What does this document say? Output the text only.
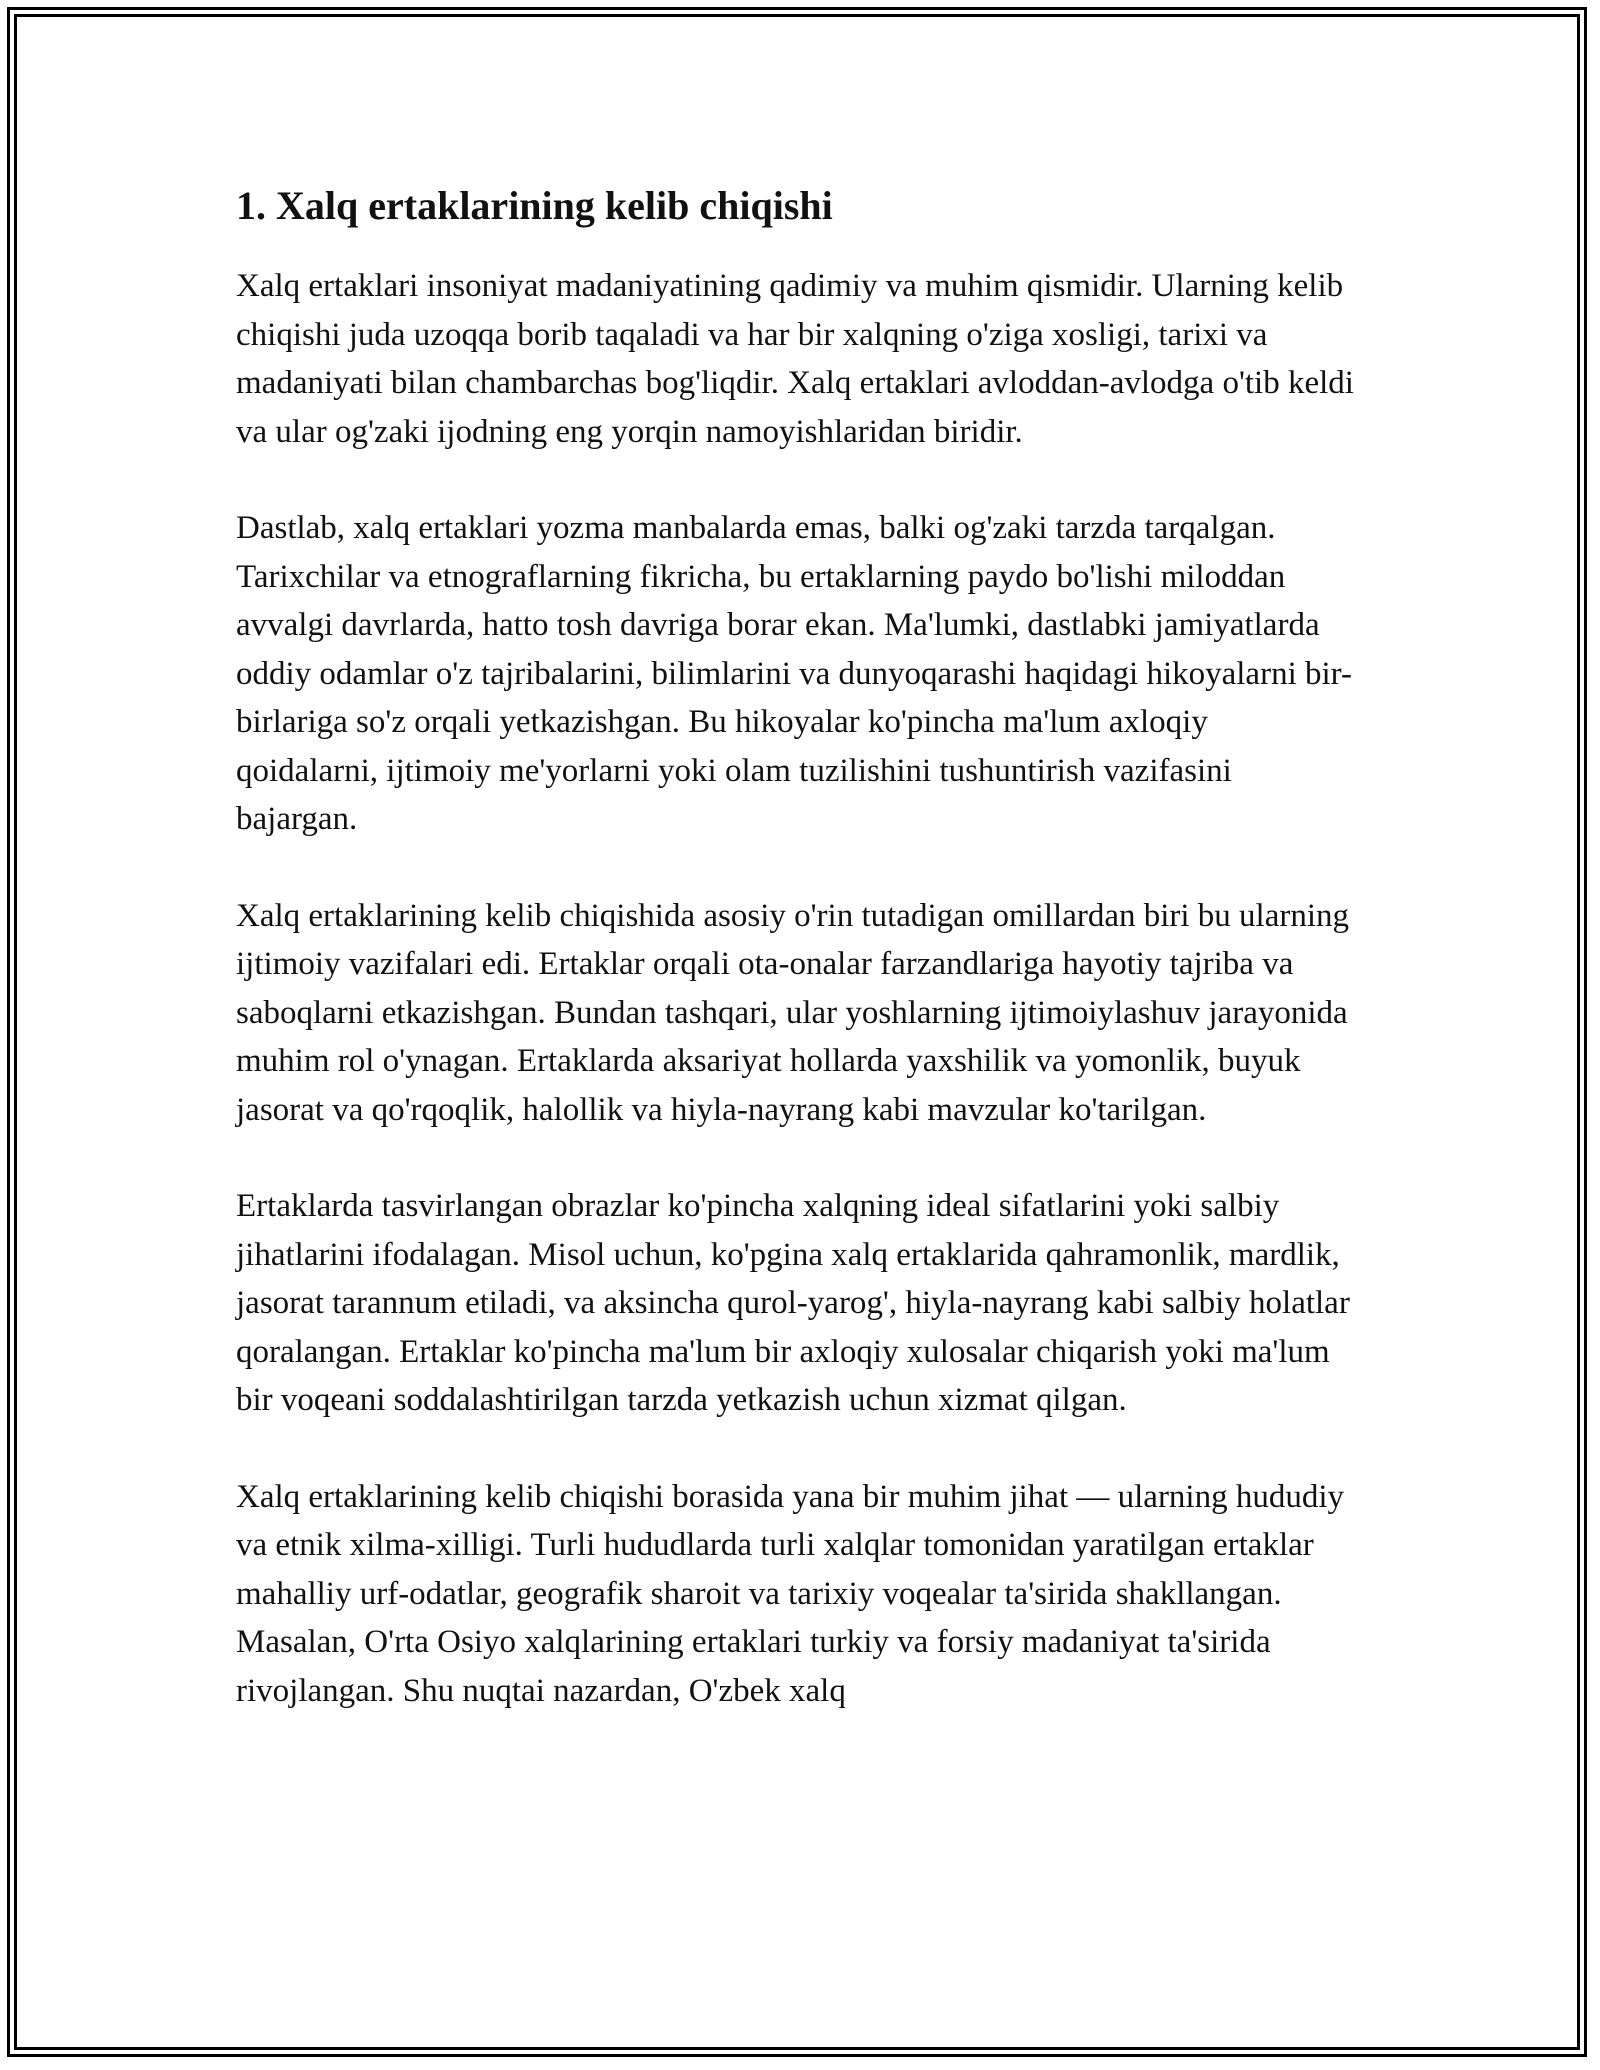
1. Xalq ertaklarining kelib chiqishi

Xalq ertaklari insoniyat madaniyatining qadimiy va muhim qismidir. Ularning kelib chiqishi juda uzoqqa borib taqaladi va har bir xalqning o'ziga xosligi, tarixi va madaniyati bilan chambarchas bog'liqdir. Xalq ertaklari avloddan-avlodga o'tib keldi va ular og'zaki ijodning eng yorqin namoyishlaridan biridir.

Dastlab, xalq ertaklari yozma manbalarda emas, balki og'zaki tarzda tarqalgan. Tarixchilar va etnograflarning fikricha, bu ertaklarning paydo bo'lishi miloddan avvalgi davrlarda, hatto tosh davriga borar ekan. Ma'lumki, dastlabki jamiyatlarda oddiy odamlar o'z tajribalarini, bilimlarini va dunyoqarashi haqidagi hikoyalarni bir-birlariga so'z orqali yetkazishgan. Bu hikoyalar ko'pincha ma'lum axloqiy qoidalarni, ijtimoiy me'yorlarni yoki olam tuzilishini tushuntirish vazifasini bajargan.

Xalq ertaklarining kelib chiqishida asosiy o'rin tutadigan omillardan biri bu ularning ijtimoiy vazifalari edi. Ertaklar orqali ota-onalar farzandlariga hayotiy tajriba va saboqlarni etkazishgan. Bundan tashqari, ular yoshlarning ijtimoiylashuv jarayonida muhim rol o'ynagan. Ertaklarda aksariyat hollarda yaxshilik va yomonlik, buyuk jasorat va qo'rqoqlik, halollik va hiyla-nayrang kabi mavzular ko'tarilgan.

Ertaklarda tasvirlangan obrazlar ko'pincha xalqning ideal sifatlarini yoki salbiy jihatlarini ifodalagan. Misol uchun, ko'pgina xalq ertaklarida qahramonlik, mardlik, jasorat tarannum etiladi, va aksincha qurol-yarog', hiyla-nayrang kabi salbiy holatlar qoralangan. Ertaklar ko'pincha ma'lum bir axloqiy xulosalar chiqarish yoki ma'lum bir voqeani soddalashtirilgan tarzda yetkazish uchun xizmat qilgan.

Xalq ertaklarining kelib chiqishi borasida yana bir muhim jihat — ularning hududiy va etnik xilma-xilligi. Turli hududlarda turli xalqlar tomonidan yaratilgan ertaklar mahalliy urf-odatlar, geografik sharoit va tarixiy voqealar ta'sirida shakllangan. Masalan, O'rta Osiyo xalqlarining ertaklari turkiy va forsiy madaniyat ta'sirida rivojlangan. Shu nuqtai nazardan, O'zbek xalq
